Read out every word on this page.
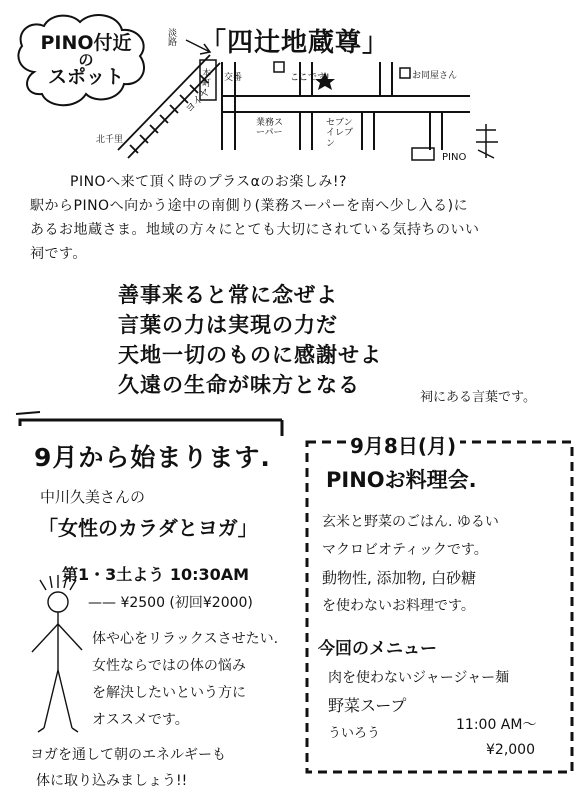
PINO付近
の
スポット
「四辻地蔵尊」
淡路
本町
交番	ここです!	お同屋さん
北千里
業務スーパー
セブンイレブン
PINO
ヨイヤ
PINOへ来て頂く時のプラスαのお楽しみ!?
駅からPINOへ向かう途中の南側り(業務スーパーを南へ少し入る)に
あるお地蔵さま。地域の方々にとても大切にされている気持ちのいい
祠です。
善事来ると常に念ぜよ
言葉の力は実現の力だ
天地一切のものに感謝せよ
久遠の生命が味方となる
祠にある言葉です。
9月から始まります.
中川久美さんの
「女性のカラダとヨガ」
第1・3土よう 10:30AM
—— ¥2500 (初回¥2000)
体や心をリラックスさせたい.
女性ならではの体の悩み
を解決したいという方に
オススメです。
ヨガを通して朝のエネルギーも
体に取り込みましょう!!
9月8日(月)
PINOお料理会.
玄米と野菜のごはん. ゆるい
マクロビオティックです。
動物性, 添加物, 白砂糖
を使わないお料理です。
今回のメニュー
肉を使わないジャージャー麺
野菜スープ
ういろう
11:00 AM～
¥2,000
